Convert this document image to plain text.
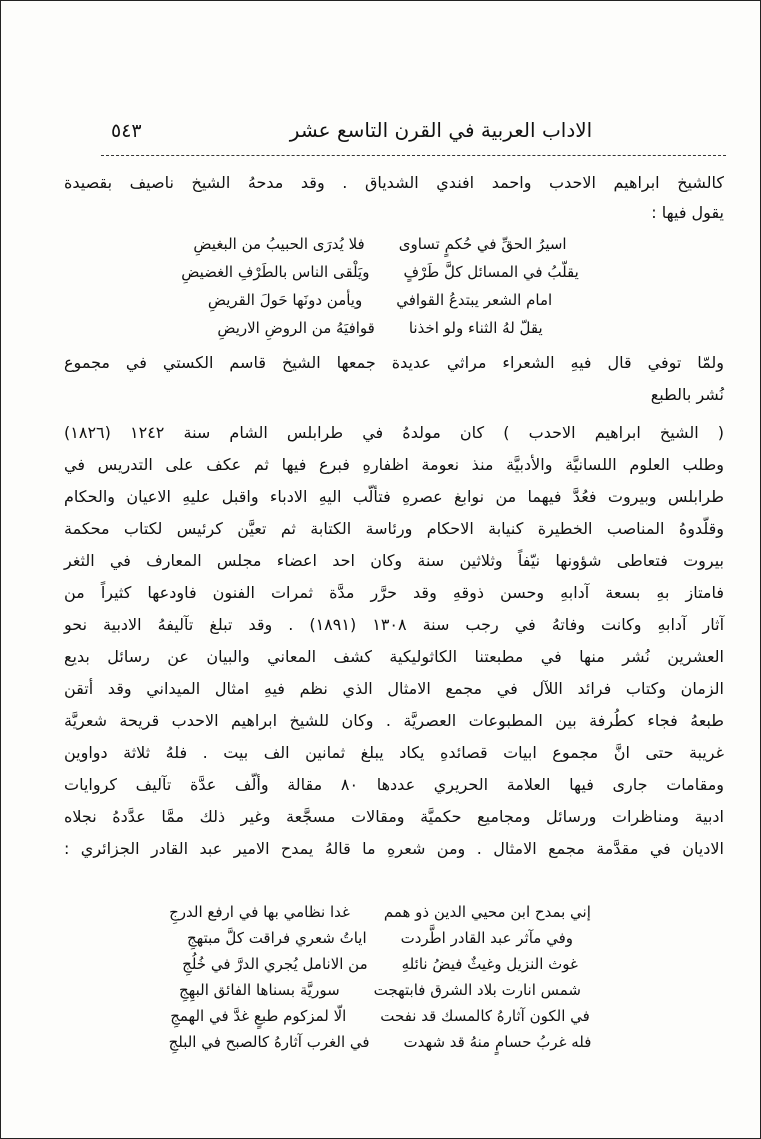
الاداب العربية في القرن التاسع عشر
٥٤٣
كالشيخ ابراهيم الاحدب واحمد افندي الشدياق . وقد مدحهُ الشيخ ناصيف بقصيدة
يقول فيها :
اسيرُ الحقِّ في حُكمٍ تساوى
فلا يُدرَى الحبيبُ من البغيضِ
يقلّبُ في المسائل كلَّ طَرْفٍ
ويَلْقى الناس بالطَرْفِ الغضيضِ
امام الشعر يبتدعُ القوافي
ويأمن دونَها حَولَ القريضِ
يقلّ لهُ الثناء ولو اخذنا
قوافيَهُ من الروضِ الاريضِ
ولمّا توفي قال فيهِ الشعراء مراثي عديدة جمعها الشيخ قاسم الكستي في مجموع
نُشر بالطبع
( الشيخ ابراهيم الاحدب ) كان مولدهُ في طرابلس الشام سنة ١٢٤٢ (١٨٢٦)
وطلب العلوم اللسانيَّة والأدبيَّة منذ نعومة اظفارهِ فبرع فيها ثم عكف على التدريس في
طرابلس وبيروت فعُدَّ فيهما من نوابغ عصرهِ فتألّب اليهِ الادباء واقبل عليهِ الاعيان والحكام
وقلّدوهُ المناصب الخطيرة كنيابة الاحكام ورئاسة الكتابة ثم تعيَّن كرئيس لكتاب محكمة
بيروت فتعاطى شؤونها نيّفاً وثلاثين سنة وكان احد اعضاء مجلس المعارف في الثغر
فامتاز بهِ بسعة آدابهِ وحسن ذوقهِ وقد حرَّر مدَّة ثمرات الفنون فاودعها كثيراً من
آثار آدابهِ وكانت وفاتهُ في رجب سنة ١٣٠٨ (١٨٩١) . وقد تبلغ تآليفهُ الادبية نحو
العشرين نُشر منها في مطبعتنا الكاثوليكية كشف المعاني والبيان عن رسائل بديع
الزمان وكتاب فرائد اللآل في مجمع الامثال الذي نظم فيهِ امثال الميداني وقد أتقن
طبعهُ فجاء كطُرفة بين المطبوعات العصريَّة . وكان للشيخ ابراهيم الاحدب قريحة شعريَّة
غريبة حتى انَّ مجموع ابيات قصائدهِ يكاد يبلغ ثمانين الف بيت . فلهُ ثلاثة دواوين
ومقامات جارى فيها العلامة الحريري عددها ٨٠ مقالة وألّف عدَّة تآليف كروايات
ادبية ومناظرات ورسائل ومجاميع حكميَّة ومقالات مسجَّعة وغير ذلك ممَّا عدَّدهُ نجلاه
الاديان في مقدَّمة مجمع الامثال . ومن شعرهِ ما قالهُ يمدح الامير عبد القادر الجزائري :
إني بمدح ابن محيي الدين ذو همم
غدا نظامي بها في ارفع الدرجِ
وفي مآثر عبد القادر اطَّردت
اياتُ شعري فراقت كلَّ مبتهجِ
غوث النزيل وغيثٌ فيضُ نائلهِ
من الانامل يُجري الدرَّ في خُلُجِ
شمس انارت بلاد الشرق فابتهجت
سوريَّة بسناها الفائق البهِجِ
في الكون آثارهُ كالمسك قد نفحت
الّا لمزكوم طبعٍ غدَّ في الهمجِ
فله غربُ حسامٍ منهُ قد شهدت
في الغرب آثارهُ كالصبح في البلجِ
